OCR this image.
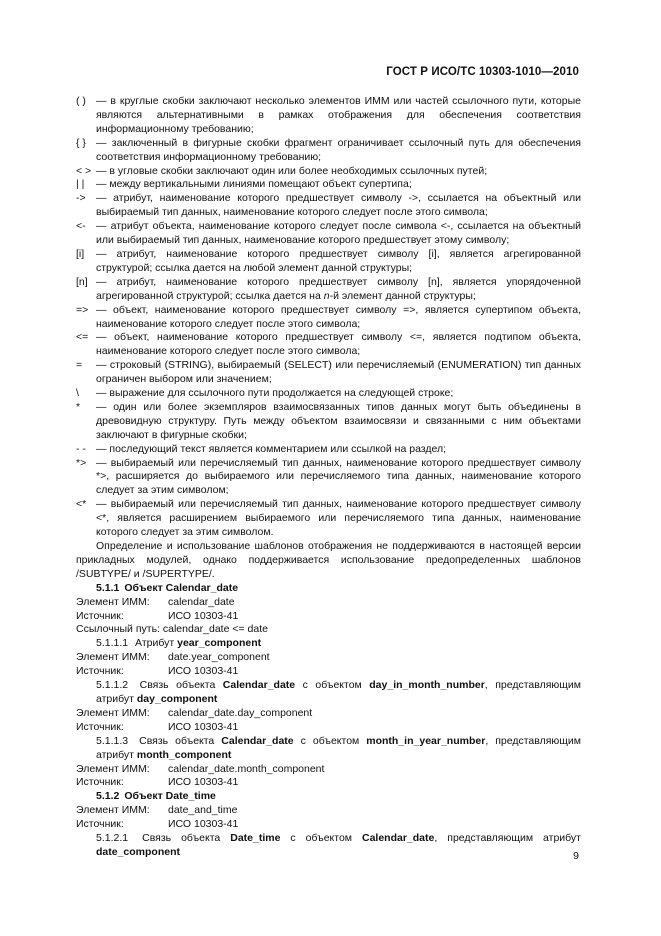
ГОСТ Р ИСО/ТС 10303-1010—2010
( ) — в круглые скобки заключают несколько элементов ИММ или частей ссылочного пути, которые являются альтернативными в рамках отображения для обеспечения соответствия информационному требованию;
{ } — заключенный в фигурные скобки фрагмент ограничивает ссылочный путь для обеспечения соответствия информационному требованию;
< > — в угловые скобки заключают один или более необходимых ссылочных путей;
| |	— между вертикальными линиями помещают объект супертипа;
-> — атрибут, наименование которого предшествует символу ->, ссылается на объектный или выбираемый тип данных, наименование которого следует после этого символа;
<- — атрибут объекта, наименование которого следует после символа <-, ссылается на объектный или выбираемый тип данных, наименование которого предшествует этому символу;
[i]	— атрибут, наименование которого предшествует символу [i], является агрегированной структурой; ссылка дается на любой элемент данной структуры;
[n] — атрибут, наименование которого предшествует символу [n], является упорядоченной агрегированной структурой; ссылка дается на n-й элемент данной структуры;
=> — объект, наименование которого предшествует символу =>, является супертипом объекта, наименование которого следует после этого символа;
<= — объект, наименование которого предшествует символу <=, является подтипом объекта, наименование которого следует после этого символа;
=	— строковый (STRING), выбираемый (SELECT) или перечисляемый (ENUMERATION) тип данных ограничен выбором или значением;
\	— выражение для ссылочного пути продолжается на следующей строке;
*	— один или более экземпляров взаимосвязанных типов данных могут быть объединены в древовидную структуру. Путь между объектом взаимосвязи и связанными с ним объектами заключают в фигурные скобки;
- - — последующий текст является комментарием или ссылкой на раздел;
*> — выбираемый или перечисляемый тип данных, наименование которого предшествует символу *>, расширяется до выбираемого или перечисляемого типа данных, наименование которого следует за этим символом;
<* — выбираемый или перечисляемый тип данных, наименование которого предшествует символу <*, является расширением выбираемого или перечисляемого типа данных, наименование которого следует за этим символом.

Определение и использование шаблонов отображения не поддерживаются в настоящей версии прикладных модулей, однако поддерживается использование предопределенных шаблонов /SUBTYPE/ и /SUPERTYPE/.

5.1.1 Объект Calendar_date
Элемент ИММ:	calendar_date
Источник:	ИСО 10303-41

Ссылочный путь: calendar_date <= date

5.1.1.1 Атрибут year_component
Элемент ИММ:	date.year_component
Источник:	ИСО 10303-41
5.1.1.2 Связь объекта Calendar_date с объектом day_in_month_number, представляющим атрибут day_component
Элемент ИММ:	calendar_date.day_component
Источник:	ИСО 10303-41
5.1.1.3 Связь объекта Calendar_date с объектом month_in_year_number, представляющим атрибут month_component
Элемент ИММ:	calendar_date.month_component
Источник:	ИСО 10303-41
5.1.2 Объект Date_time
Элемент ИММ:	date_and_time
Источник:	ИСО 10303-41
5.1.2.1 Связь объекта Date_time с объектом Calendar_date, представляющим атрибут date_component	9
